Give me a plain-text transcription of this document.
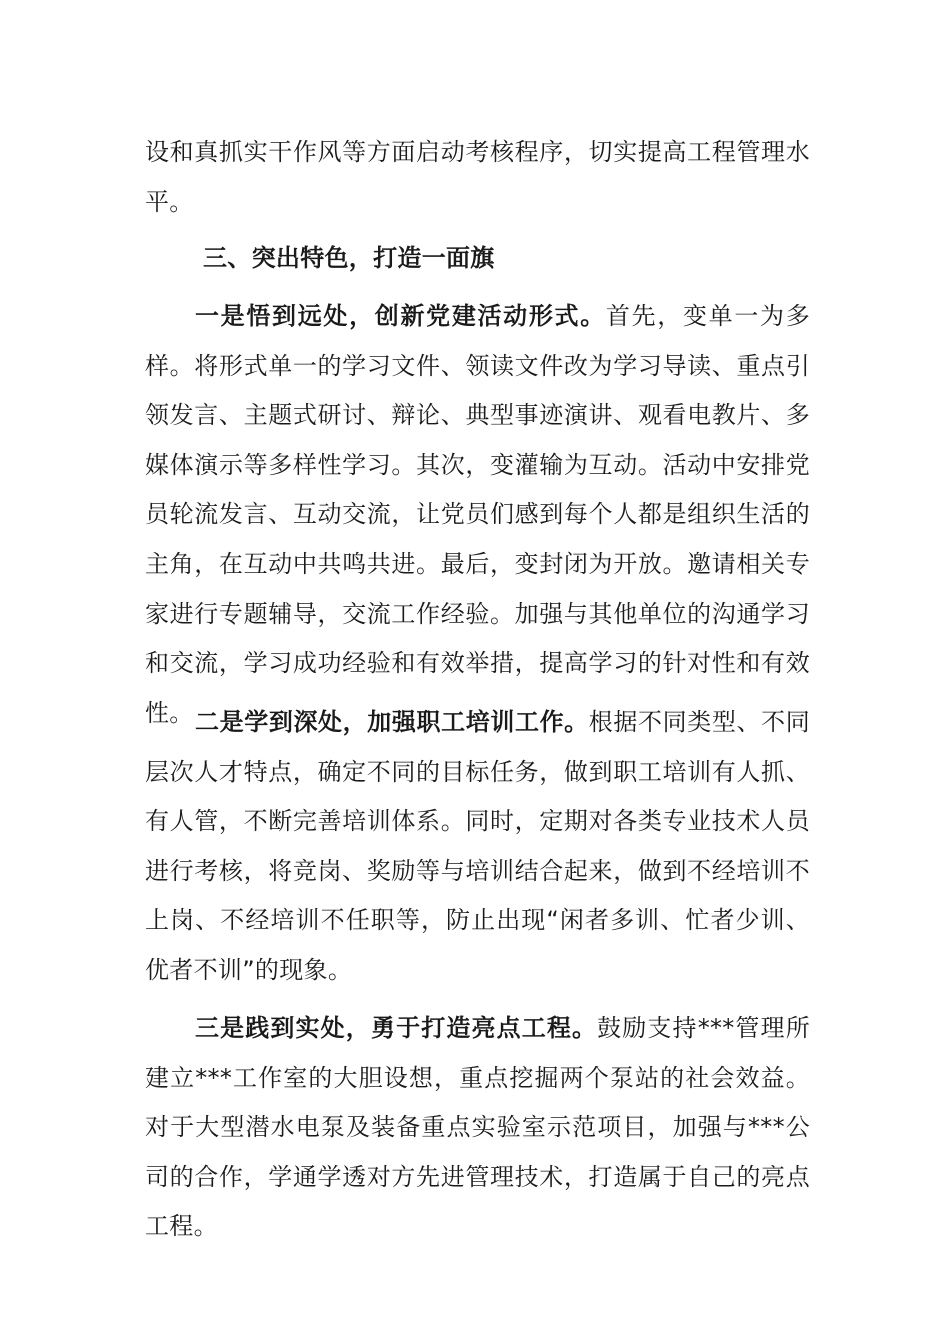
设和真抓实干作风等方面启动考核程序，切实提高工程管理水平。

三、突出特色，打造一面旗

一是悟到远处，创新党建活动形式。首先，变单一为多样。将形式单一的学习文件、领读文件改为学习导读、重点引领发言、主题式研讨、辩论、典型事迹演讲、观看电教片、多媒体演示等多样性学习。其次，变灌输为互动。活动中安排党员轮流发言、互动交流，让党员们感到每个人都是组织生活的主角，在互动中共鸣共进。最后，变封闭为开放。邀请相关专家进行专题辅导，交流工作经验。加强与其他单位的沟通学习和交流，学习成功经验和有效举措，提高学习的针对性和有效性。 二是学到深处，加强职工培训工作。根据不同类型、不同层次人才特点，确定不同的目标任务，做到职工培训有人抓、有人管，不断完善培训体系。同时，定期对各类专业技术人员进行考核，将竞岗、奖励等与培训结合起来，做到不经培训不上岗、不经培训不任职等，防止出现“闲者多训、忙者少训、优者不训”的现象。

三是践到实处，勇于打造亮点工程。鼓励支持***管理所建立***工作室的大胆设想，重点挖掘两个泵站的社会效益。对于大型潜水电泵及装备重点实验室示范项目，加强与***公司的合作，学通学透对方先进管理技术，打造属于自己的亮点工程。
